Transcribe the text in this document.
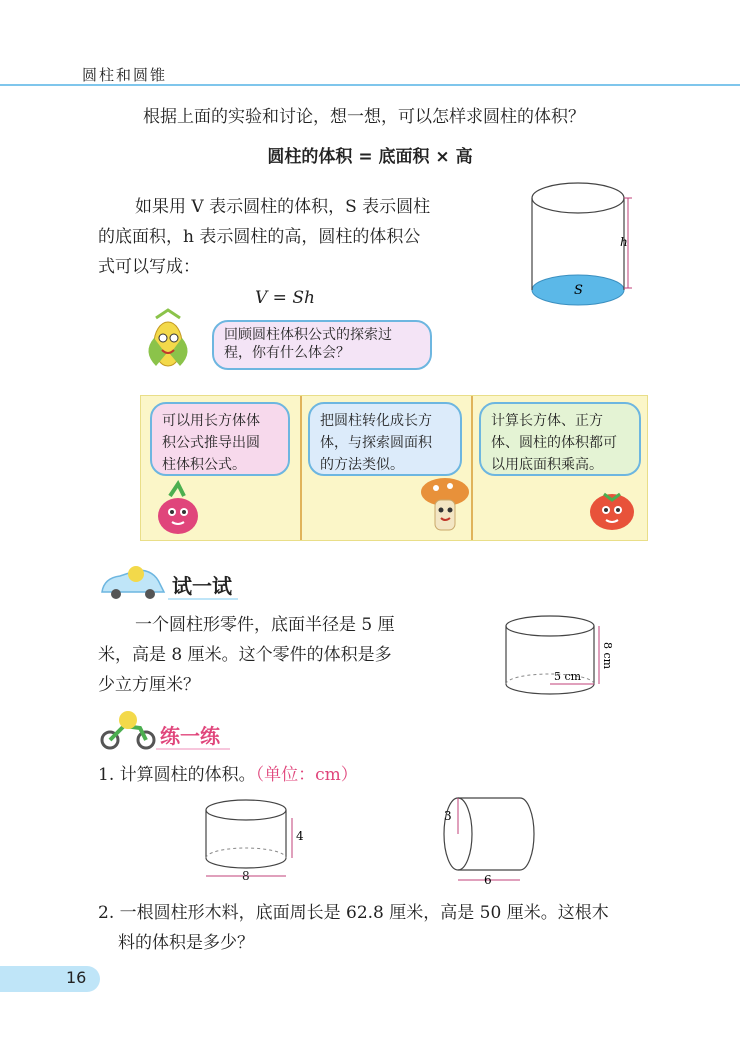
圆柱和圆锥
根据上面的实验和讨论，想一想，可以怎样求圆柱的体积？
圆柱的体积 = 底面积 × 高
如果用 V 表示圆柱的体积，S 表示圆柱
的底面积，h 表示圆柱的高，圆柱的体积公
式可以写成：
V = Sh
h
S
回顾圆柱体积公式的探索过
程，你有什么体会？
可以用长方体体
积公式推导出圆
柱体积公式。
把圆柱转化成长方
体，与探索圆面积
的方法类似。
计算长方体、正方
体、圆柱的体积都可
以用底面积乘高。
试一试
一个圆柱形零件，底面半径是 5 厘
米，高是 8 厘米。这个零件的体积是多
少立方厘米？	5 cm
8 cm
练一练
1. 计算圆柱的体积。（单位：cm）
4
8
3
6
2. 一根圆柱形木料，底面周长是 62.8 厘米，高是 50 厘米。这根木
料的体积是多少？
16
